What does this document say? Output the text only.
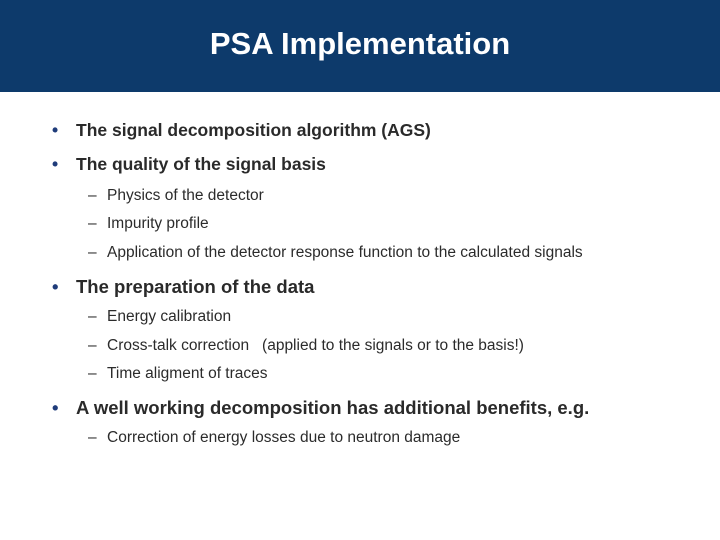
PSA Implementation
• The signal decomposition algorithm (AGS)
• The quality of the signal basis
– Physics of the detector
– Impurity profile
– Application of the detector response function to the calculated signals
• The preparation of the data
– Energy calibration
– Cross-talk correction   (applied to the signals or to the basis!)
– Time aligment of traces
• A well working decomposition has additional benefits, e.g.
– Correction of energy losses due to neutron damage
